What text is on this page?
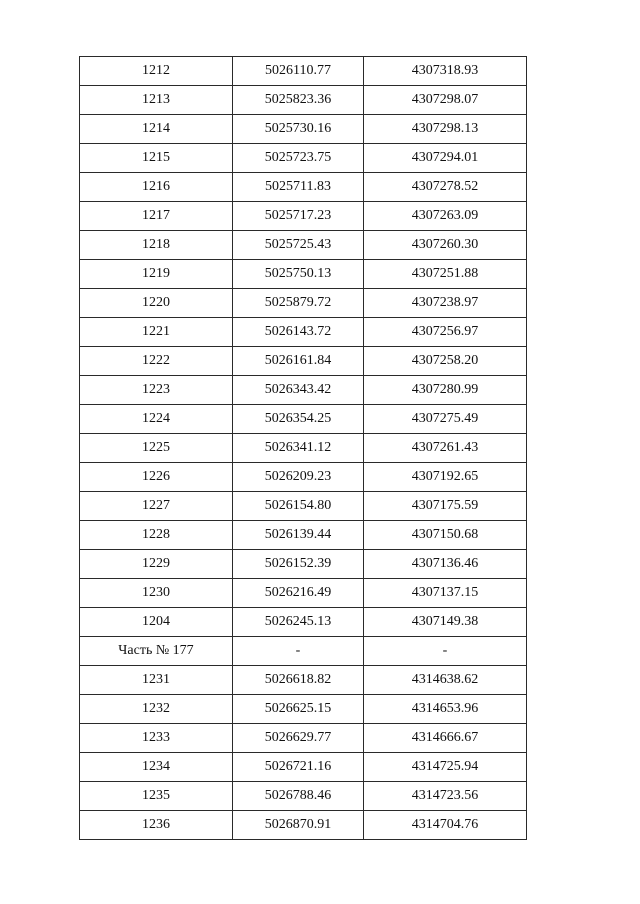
1212	5026110.77	4307318.93
1213	5025823.36	4307298.07
1214	5025730.16	4307298.13
1215	5025723.75	4307294.01
1216	5025711.83	4307278.52
1217	5025717.23	4307263.09
1218	5025725.43	4307260.30
1219	5025750.13	4307251.88
1220	5025879.72	4307238.97
1221	5026143.72	4307256.97
1222	5026161.84	4307258.20
1223	5026343.42	4307280.99
1224	5026354.25	4307275.49
1225	5026341.12	4307261.43
1226	5026209.23	4307192.65
1227	5026154.80	4307175.59
1228	5026139.44	4307150.68
1229	5026152.39	4307136.46
1230	5026216.49	4307137.15
1204	5026245.13	4307149.38
Часть № 177	-	-
1231	5026618.82	4314638.62
1232	5026625.15	4314653.96
1233	5026629.77	4314666.67
1234	5026721.16	4314725.94
1235	5026788.46	4314723.56
1236	5026870.91	4314704.76
